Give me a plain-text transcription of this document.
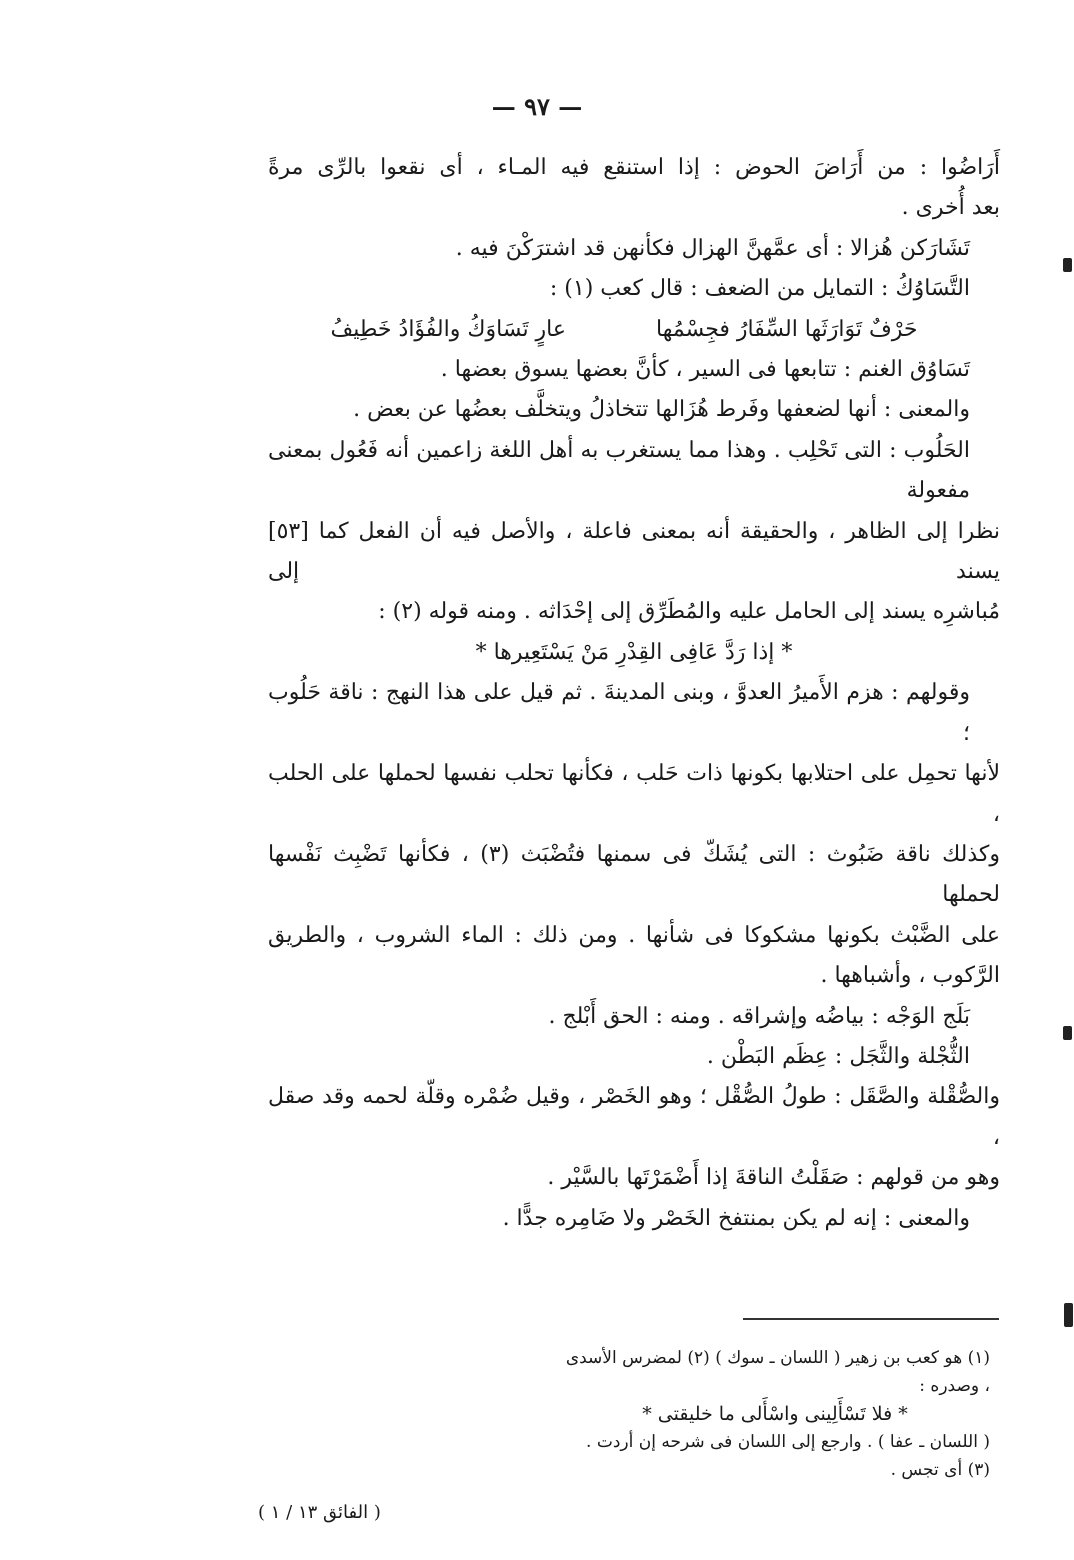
— ٩٧ —

أَرَاضُوا : من أَرَاضَ الحوض : إذا استنقع فيه المـاء ، أى نقعوا بالرِّى مرةً

بعد أُخرى .

تَشَارَكن هُزالا : أى عمَّهنَّ الهزال فكأنهن قد اشترَكْنَ فيه .

التَّسَاوُكُ : التمايل من الضعف : قال كعب (١) :

حَرْفٌ تَوَارَثَها السِّفَارُ فجِسْمُها
عارٍ تَسَاوَكُ والفُؤَادُ خَطِيفُ

تَسَاوُق الغنم : تتابعها فى السير ، كأنَّ بعضها يسوق بعضها .

والمعنى : أنها لضعفها وفَرط هُزَالها تتخاذلُ ويتخلَّف بعضُها عن بعض .

الحَلُوب : التى تَحْلِب . وهذا مما يستغرب به أهل اللغة زاعمين أنه فَعُول بمعنى مفعولة

نظرا إلى الظاهر ، والحقيقة أنه بمعنى فاعلة ، والأصل فيه أن الفعل كما [٥٣] يسند إلى

مُباشرِه يسند إلى الحامل عليه والمُطَرِّق إلى إحْدَاثه . ومنه قوله (٢) :

* إذا رَدَّ عَافِى القِدْرِ مَنْ يَسْتَعِيرها *

وقولهم : هزم الأَميرُ العدوَّ ، وبنى المدينةَ . ثم قيل على هذا النهج : ناقة حَلُوب ؛

لأنها تحمِل على احتلابها بكونها ذات حَلب ، فكأنها تحلب نفسها لحملها على الحلب ،

وكذلك ناقة ضَبُوث : التى يُشَكّ فى سمنها فتُضْبَث (٣) ، فكأنها تَضْبِث نَفْسها لحملها

على الضَّبْث بكونها مشكوكا فى شأنها . ومن ذلك : الماء الشروب ، والطريق

الرَّكوب ، وأشباهها .

بَلَج الوَجْه : بياضُه وإشراقه . ومنه : الحق أَبْلج .

الثُّجْلة والثَّجَل : عِظَم البَطْن .

والصُّقْلة والصَّقَل : طولُ الصُّقْل ؛ وهو الخَصْر ، وقيل ضُمْره وقلّة لحمه وقد صقل ،

وهو من قولهم : صَقَلْتُ الناقةَ إذا أَضْمَرْتَها بالسَّيْر .

والمعنى : إنه لم يكن بمنتفخ الخَصْر ولا ضَامِره جدًّا .

(١) هو كعب بن زهير ( اللسان ـ سوك ) (٢) لمضرس الأسدى ، وصدره :
* فلا تَسْأَلِينى واسْأَلى ما خليقتى *
( اللسان ـ عفا ) . وارجع إلى اللسان فى شرحه إن أردت .
(٣) أى تجس .
( الفائق ١٣ / ١ )
